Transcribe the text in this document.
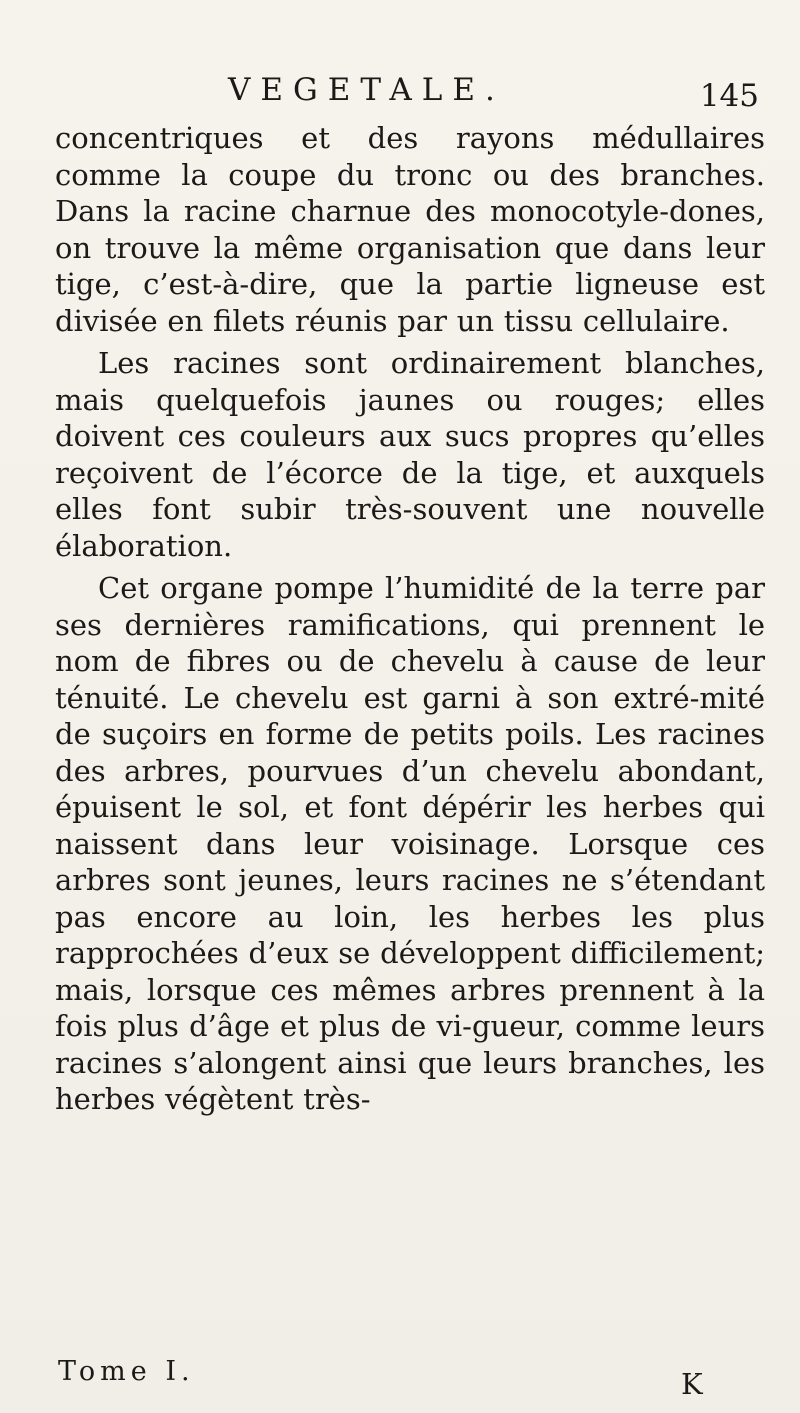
VEGETALE.	145

concentriques et des rayons médullaires comme la coupe du tronc ou des branches. Dans la racine charnue des monocotyle-dones, on trouve la même organisation que dans leur tige, c’est-à-dire, que la partie ligneuse est divisée en filets réunis par un tissu cellulaire.

Les racines sont ordinairement blanches, mais quelquefois jaunes ou rouges; elles doivent ces couleurs aux sucs propres qu’elles reçoivent de l’écorce de la tige, et auxquels elles font subir très-souvent une nouvelle élaboration.

Cet organe pompe l’humidité de la terre par ses dernières ramifications, qui prennent le nom de fibres ou de chevelu à cause de leur ténuité. Le chevelu est garni à son extré-mité de suçoirs en forme de petits poils. Les racines des arbres, pourvues d’un chevelu abondant, épuisent le sol, et font dépérir les herbes qui naissent dans leur voisinage. Lorsque ces arbres sont jeunes, leurs racines ne s’étendant pas encore au loin, les herbes les plus rapprochées d’eux se développent difficilement; mais, lorsque ces mêmes arbres prennent à la fois plus d’âge et plus de vi-gueur, comme leurs racines s’alongent ainsi que leurs branches, les herbes végètent très-

Tome I.	K
